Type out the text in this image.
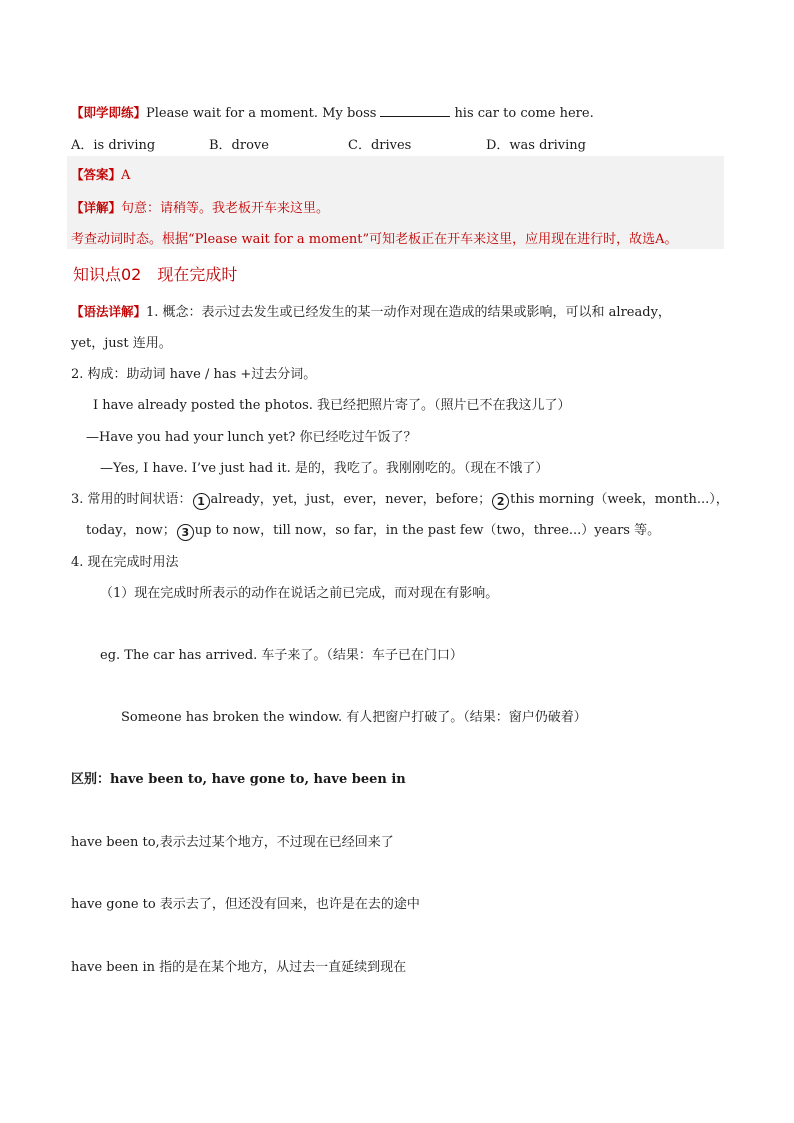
【即学即练】Please wait for a moment. My boss	his car to come here.
A．is driving	B．drove	C．drives	D．was driving
【答案】A
【详解】句意：请稍等。我老板开车来这里。
考查动词时态。根据“Please wait for a moment”可知老板正在开车来这里，应用现在进行时，故选A。
知识点02　现在完成时
【语法详解】1. 概念：表示过去发生或已经发生的某一动作对现在造成的结果或影响，可以和 already，
yet，just 连用。
2. 构成：助动词 have / has +过去分词。
I have already posted the photos. 我已经把照片寄了。（照片已不在我这儿了）
—Have you had your lunch yet? 你已经吃过午饭了？
—Yes, I have. I’ve just had it. 是的，我吃了。我刚刚吃的。（现在不饿了）
3. 常用的时间状语： 1 already，yet，just，ever，never，before； 2 this morning（week，month...），
today，now； 3 up to now，till now，so far，in the past few（two，three...）years 等。
4. 现在完成时用法
（1）现在完成时所表示的动作在说话之前已完成，而对现在有影响。
eg. The car has arrived. 车子来了。（结果：车子已在门口）
Someone has broken the window. 有人把窗户打破了。（结果：窗户仍破着）
区别：have been to, have gone to, have been in
have been to,表示去过某个地方，不过现在已经回来了
have gone to 表示去了，但还没有回来，也许是在去的途中
have been in 指的是在某个地方，从过去一直延续到现在
